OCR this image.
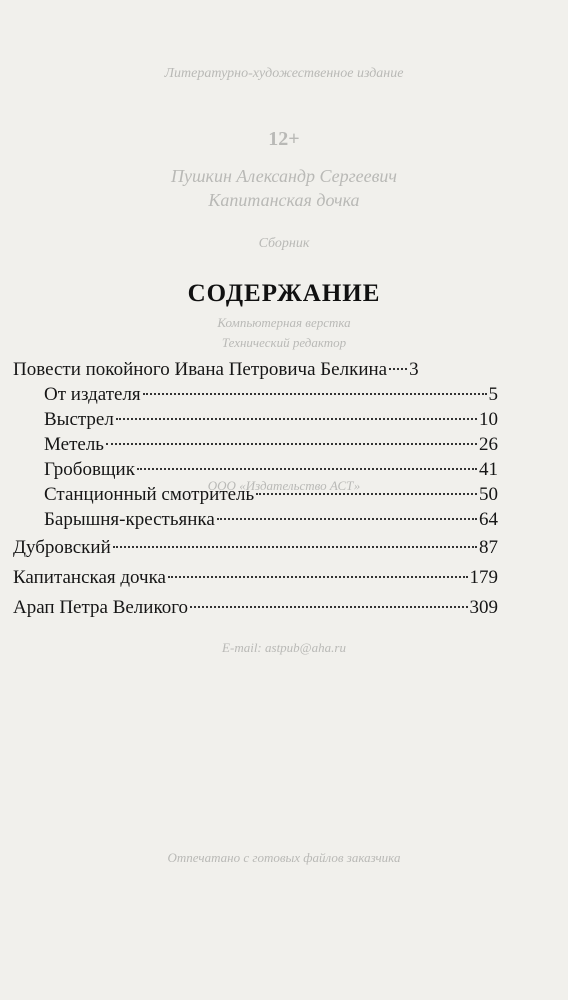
Литературно-художественное издание
12+
Пушкин Александр Сергеевич
Капитанская дочка
Сборник
Компьютерная верстка
Технический редактор
ООО «Издательство АСТ»
E-mail: astpub@aha.ru
Отпечатано с готовых файлов заказчика
СОДЕРЖАНИЕ
Повести покойного Ивана Петровича Белкина 3
От издателя	5
Выстрел	10
Метель	26
Гробовщик	41
Станционный смотритель	50
Барышня-крестьянка	64
Дубровский	87
Капитанская дочка	179
Арап Петра Великого	309
